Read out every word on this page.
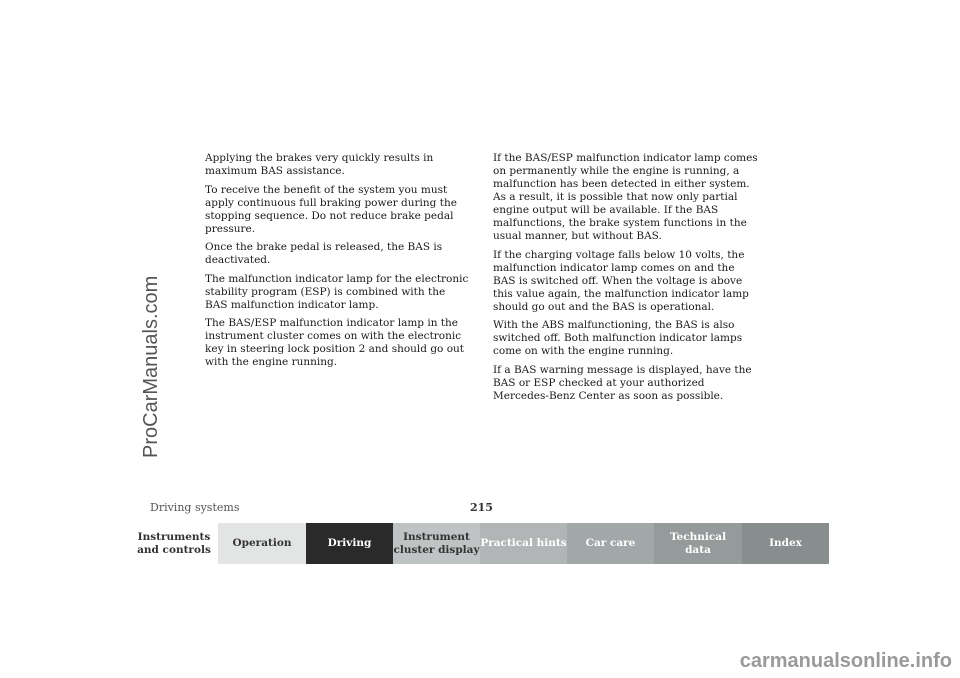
ProCarManuals.com

Applying the brakes very quickly results in maximum BAS assistance.

To receive the benefit of the system you must apply continuous full braking power during the stopping sequence. Do not reduce brake pedal pressure.

Once the brake pedal is released, the BAS is deactivated.

The malfunction indicator lamp for the electronic stability program (ESP) is combined with the BAS malfunction indicator lamp.

The BAS/ESP malfunction indicator lamp in the instrument cluster comes on with the electronic key in steering lock position 2 and should go out with the engine running.

If the BAS/ESP malfunction indicator lamp comes on permanently while the engine is running, a malfunction has been detected in either system. As a result, it is possible that now only partial engine output will be available. If the BAS malfunctions, the brake system functions in the usual manner, but without BAS.

If the charging voltage falls below 10 volts, the malfunction indicator lamp comes on and the BAS is switched off. When the voltage is above this value again, the malfunction indicator lamp should go out and the BAS is operational.

With the ABS malfunctioning, the BAS is also switched off. Both malfunction indicator lamps come on with the engine running.

If a BAS warning message is displayed, have the BAS or ESP checked at your authorized Mercedes-Benz Center as soon as possible.

Driving systems	215
Instruments
and controls
Operation	Driving
Instrument
cluster display
Practical hints	Car care
Technical
data
Index
carmanualsonline.info
